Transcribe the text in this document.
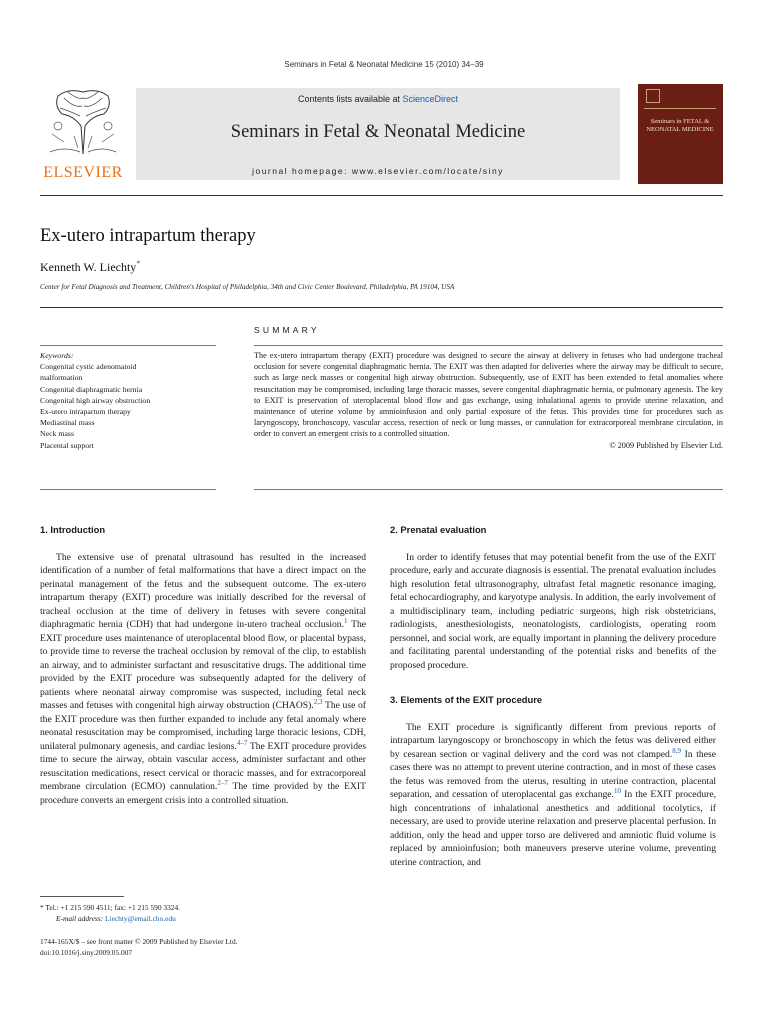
Seminars in Fetal & Neonatal Medicine 15 (2010) 34–39
ELSEVIER
Contents lists available at ScienceDirect
Seminars in Fetal & Neonatal Medicine
journal homepage: www.elsevier.com/locate/siny
Seminars in FETAL & NEONATAL MEDICINE
Ex-utero intrapartum therapy
Kenneth W. Liechty*
Center for Fetal Diagnosis and Treatment, Children's Hospital of Philadelphia, 34th and Civic Center Boulevard, Philadelphia, PA 19104, USA
SUMMARY
Keywords:
Congenital cystic adenomatoid
malformation
Congenital diaphragmatic hernia
Congenital high airway obstruction
Ex-utero intrapartum therapy
Mediastinal mass
Neck mass
Placental support
The ex-utero intrapartum therapy (EXIT) procedure was designed to secure the airway at delivery in fetuses who had undergone tracheal occlusion for severe congenital diaphragmatic hernia. The EXIT was then adapted for deliveries where the airway may be difficult to secure, such as large neck masses or congenital high airway obstruction. Subsequently, use of EXIT has been extended to fetal anomalies where resuscitation may be compromised, including large thoracic masses, severe congenital diaphragmatic hernia, or pulmonary agenesis. The key to EXIT is preservation of uteroplacental blood flow and gas exchange, using inhalational agents to provide uterine relaxation, and maintenance of uterine volume by amnioinfusion and only partial exposure of the fetus. This provides time for procedures such as laryngoscopy, bronchoscopy, vascular access, resection of neck or lung masses, or cannulation for extracorporeal membrane circulation, in order to convert an emergent crisis to a controlled situation.
© 2009 Published by Elsevier Ltd.
1. Introduction
The extensive use of prenatal ultrasound has resulted in the increased identification of a number of fetal malformations that have a direct impact on the perinatal management of the fetus and the subsequent outcome. The ex-utero intrapartum therapy (EXIT) procedure was initially described for the reversal of tracheal occlusion at the time of delivery in fetuses with severe congenital diaphragmatic hernia (CDH) that had undergone in-utero tracheal occlusion.$^1$ The EXIT procedure uses maintenance of uteroplacental blood flow, or placental bypass, to provide time to reverse the tracheal occlusion by removal of the clip, to establish an airway, and to administer surfactant and resuscitative drugs. The additional time provided by the EXIT procedure was subsequently adapted for the delivery of patients where neonatal airway compromise was suspected, including fetal neck masses and fetuses with congenital high airway obstruction (CHAOS).$^{2,3}$ The use of the EXIT procedure was then further expanded to include any fetal anomaly where neonatal resuscitation may be compromised, including large thoracic lesions, CDH, unilateral pulmonary agenesis, and cardiac lesions.$^{4-7}$ The EXIT procedure provides time to secure the airway, obtain vascular access, administer surfactant and other resuscitation medications, resect cervical or thoracic masses, and for extracorporeal membrane circulation (ECMO) cannulation.$^{2-7}$ The time provided by the EXIT procedure converts an emergent crisis into a controlled situation.
2. Prenatal evaluation
In order to identify fetuses that may potential benefit from the use of the EXIT procedure, early and accurate diagnosis is essential. The prenatal evaluation includes high resolution fetal ultrasonography, ultrafast fetal magnetic resonance imaging, fetal echocardiography, and karyotype analysis. In addition, the early involvement of a multidisciplinary team, including pediatric surgeons, high risk obstetricians, radiologists, anesthesiologists, neonatologists, cardiologists, operating room personnel, and social work, are equally important in planning the delivery procedure and facilitating parental understanding of the potential risks and benefits of the proposed procedure.
3. Elements of the EXIT procedure
The EXIT procedure is significantly different from previous reports of intrapartum laryngoscopy or bronchoscopy in which the fetus was delivered either by cesarean section or vaginal delivery and the cord was not clamped.$^{8,9}$ In these cases there was no attempt to prevent uterine contraction, and in most of these cases the fetus was removed from the uterus, resulting in uterine contraction, placental separation, and cessation of uteroplacental gas exchange.$^{10}$ In the EXIT procedure, high concentrations of inhalational anesthetics and additional tocolytics, if necessary, are used to provide uterine relaxation and preserve placental perfusion. In addition, only the head and upper torso are delivered and amniotic fluid volume is replaced by amnioinfusion; both maneuvers preserve uterine volume, preventing uterine contraction, and
* Tel.: +1 215 590 4511; fax: +1 215 590 3324.
E-mail address: Liechty@email.cho.edu
1744-165X/$ – see front matter © 2009 Published by Elsevier Ltd.
doi:10.1016/j.siny.2009.05.007
